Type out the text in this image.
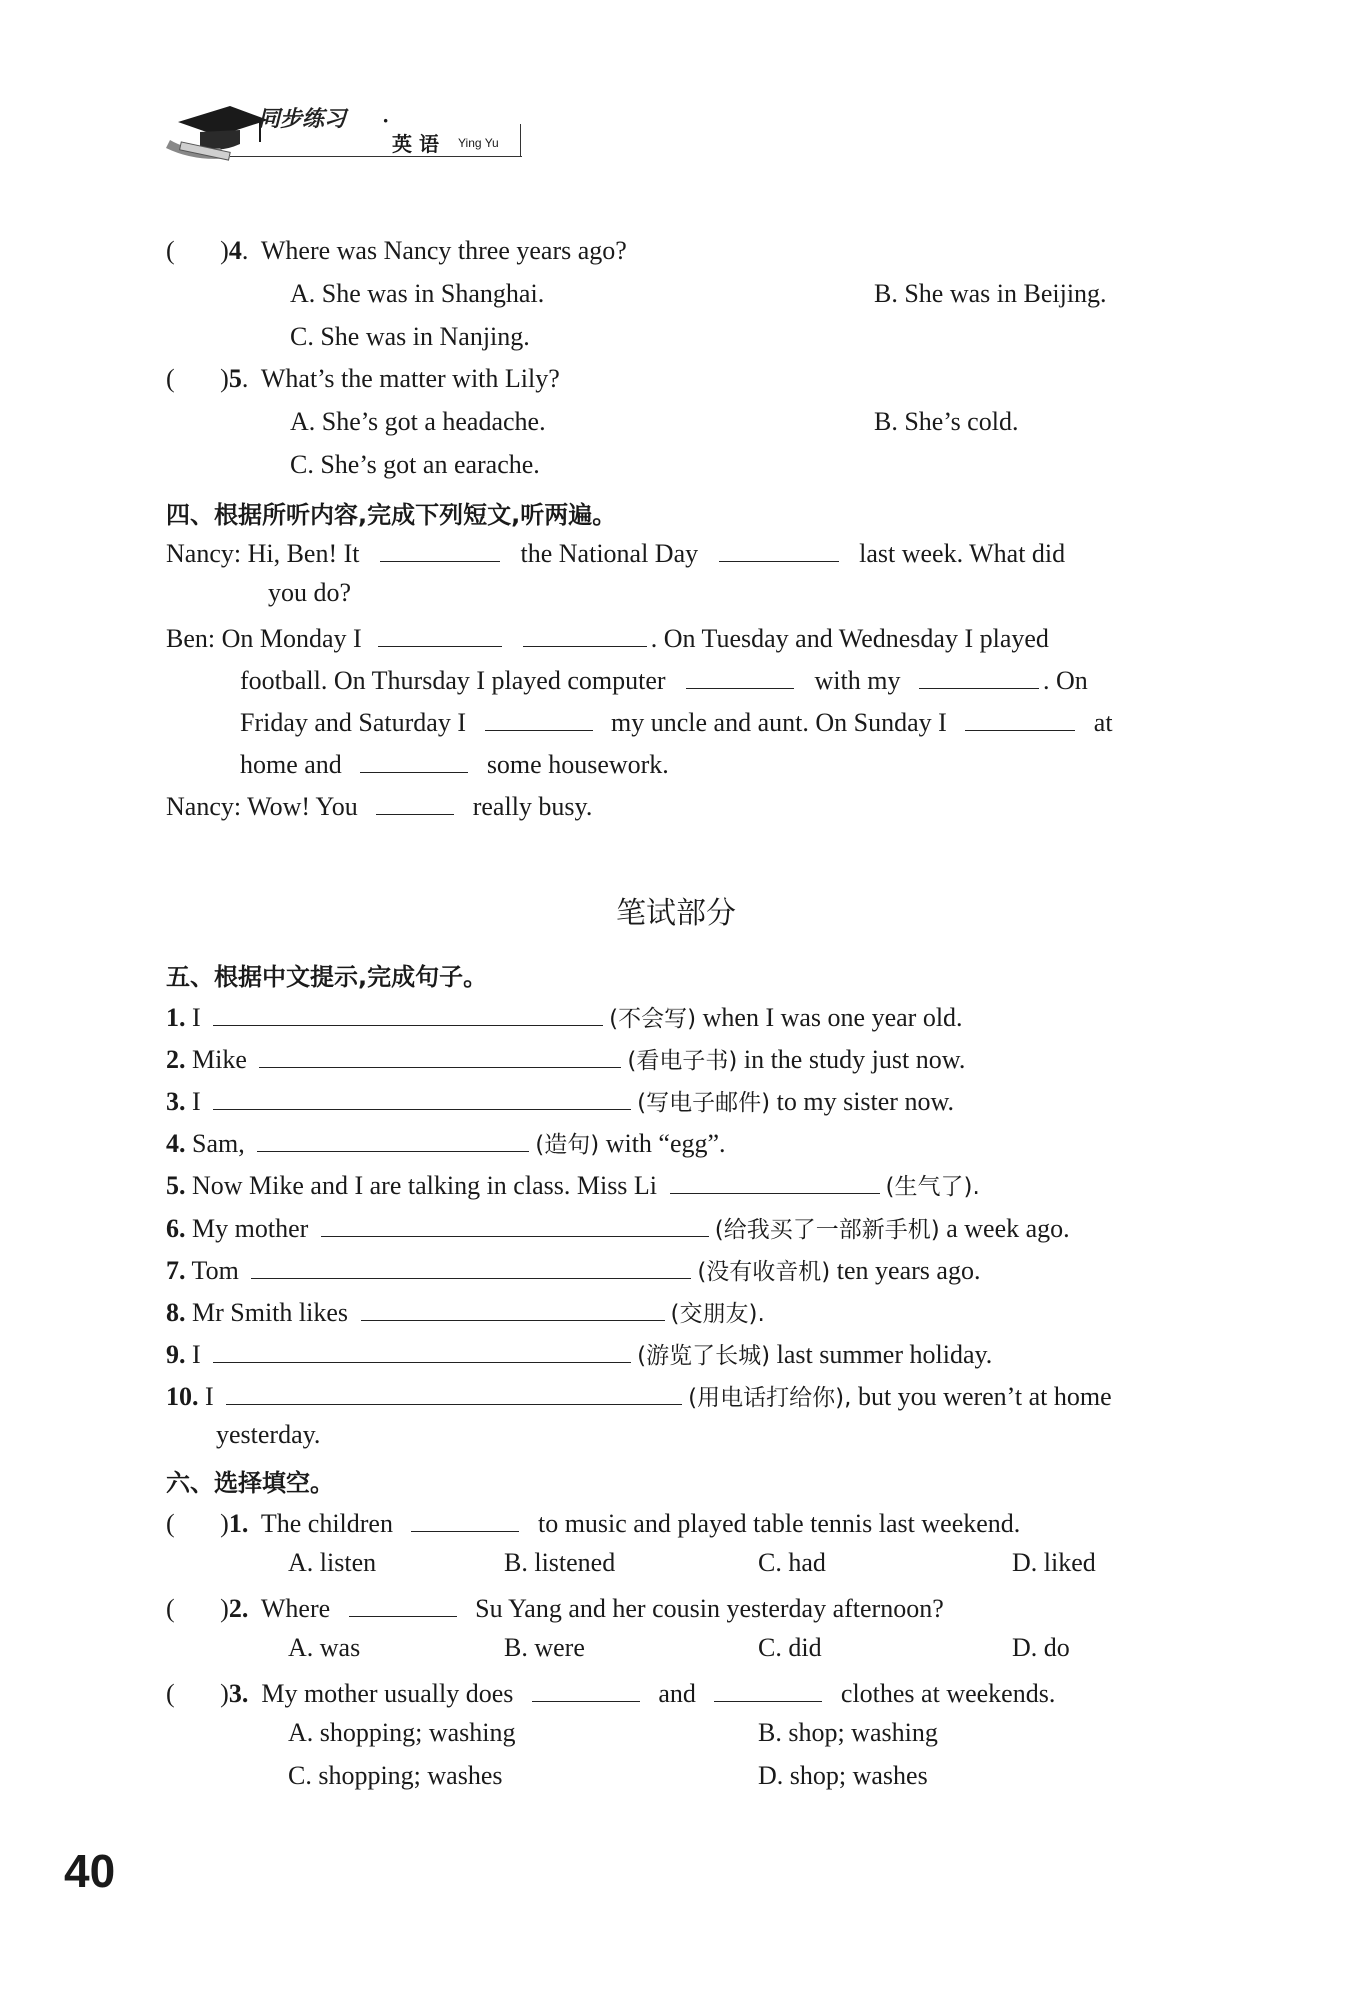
同步练习 ·
英 语 Ying Yu
(       )4.  Where was Nancy three years ago?
A. She was in Shanghai.	B. She was in Beijing.
C. She was in Nanjing.
(       )5.  What’s the matter with Lily?
A. She’s got a headache.	B. She’s cold.
C. She’s got an earache.
四、根据所听内容,完成下列短文,听两遍。
Nancy: Hi, Ben! It	the National Day	last week. What did
you do?
Ben: On Monday I	. On Tuesday and Wednesday I played
football. On Thursday I played computer	with my	. On
Friday and Saturday I	my uncle and aunt. On Sunday I	at
home and	some housework.
Nancy: Wow! You	really busy.
笔试部分
五、根据中文提示,完成句子。
1. I	(不会写) when I was one year old.
2. Mike	(看电子书) in the study just now.
3. I	(写电子邮件) to my sister now.
4. Sam,	(造句) with “egg”.
5. Now Mike and I are talking in class. Miss Li	(生气了).
6. My mother	(给我买了一部新手机) a week ago.
7. Tom	(没有收音机) ten years ago.
8. Mr Smith likes	(交朋友).
9. I	(游览了长城) last summer holiday.
10. I	(用电话打给你), but you weren’t at home
yesterday.
六、选择填空。
(       )1. The children	to music and played table tennis last weekend.
A. listen	B. listened	C. had	D. liked
(       )2. Where	Su Yang and her cousin yesterday afternoon?
A. was	B. were	C. did	D. do
(       )3. My mother usually does	and	clothes at weekends.
A. shopping; washing	B. shop; washing
C. shopping; washes	D. shop; washes
40
